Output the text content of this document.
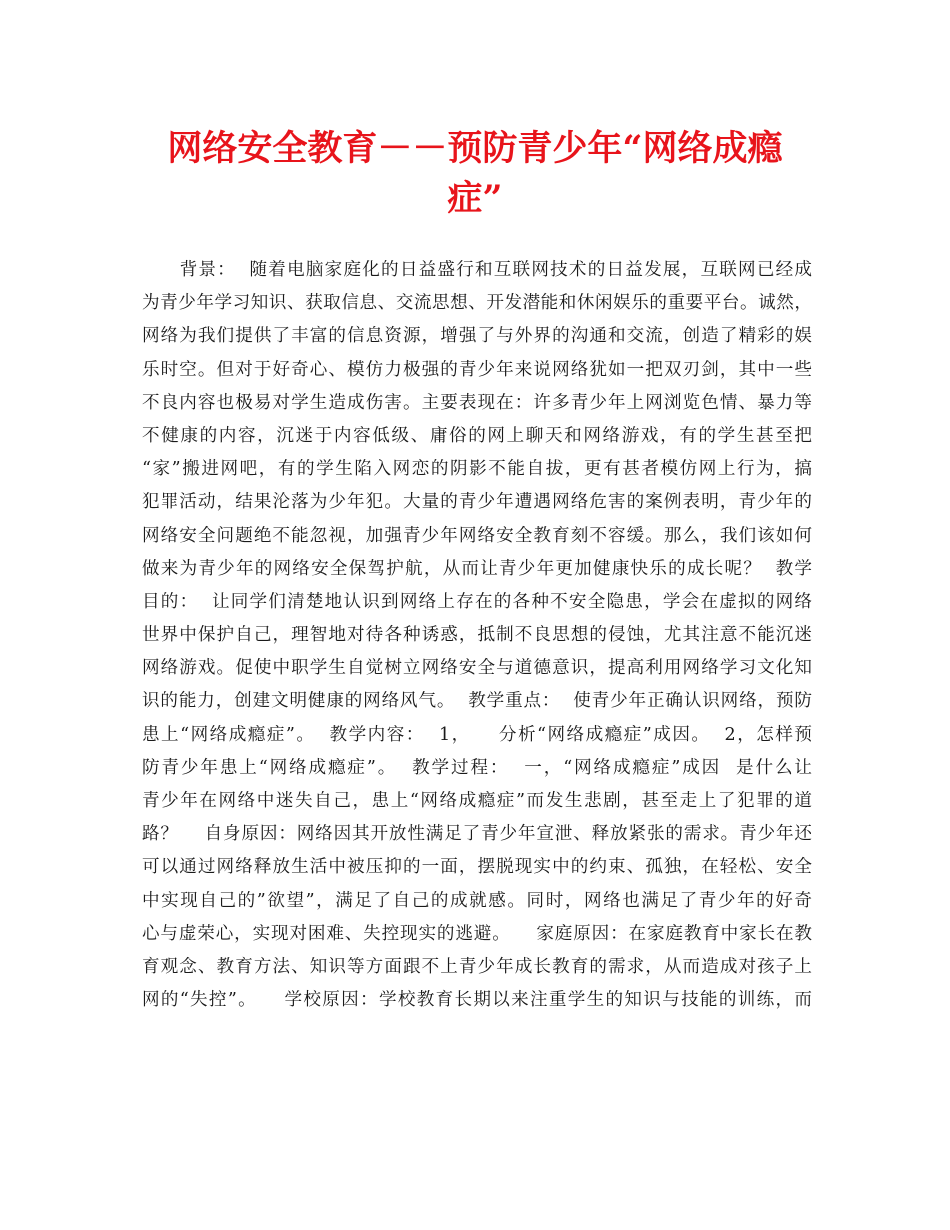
网络安全教育－－预防青少年“网络成瘾
症”
　　背景：  随着电脑家庭化的日益盛行和互联网技术的日益发展，互联网已经成
为青少年学习知识、获取信息、交流思想、开发潜能和休闲娱乐的重要平台。诚然，
网络为我们提供了丰富的信息资源，增强了与外界的沟通和交流，创造了精彩的娱
乐时空。但对于好奇心、模仿力极强的青少年来说网络犹如一把双刃剑，其中一些
不良内容也极易对学生造成伤害。主要表现在：许多青少年上网浏览色情、暴力等
不健康的内容，沉迷于内容低级、庸俗的网上聊天和网络游戏，有的学生甚至把
“家”搬进网吧，有的学生陷入网恋的阴影不能自拔，更有甚者模仿网上行为，搞
犯罪活动，结果沦落为少年犯。大量的青少年遭遇网络危害的案例表明，青少年的
网络安全问题绝不能忽视，加强青少年网络安全教育刻不容缓。那么，我们该如何
做来为青少年的网络安全保驾护航，从而让青少年更加健康快乐的成长呢？  教学
目的：  让同学们清楚地认识到网络上存在的各种不安全隐患，学会在虚拟的网络
世界中保护自己，理智地对待各种诱惑，抵制不良思想的侵蚀，尤其注意不能沉迷
网络游戏。促使中职学生自觉树立网络安全与道德意识，提高利用网络学习文化知
识的能力，创建文明健康的网络风气。  教学重点：  使青少年正确认识网络，预防
患上“网络成瘾症”。  教学内容：  1，    分析“网络成瘾症”成因。  2，怎样预
防青少年患上“网络成瘾症”。  教学过程：  一，“网络成瘾症”成因  是什么让
青少年在网络中迷失自己，患上“网络成瘾症”而发生悲剧，甚至走上了犯罪的道
路？    自身原因：网络因其开放性满足了青少年宣泄、释放紧张的需求。青少年还
可以通过网络释放生活中被压抑的一面，摆脱现实中的约束、孤独，在轻松、安全
中实现自己的”欲望”，满足了自己的成就感。同时，网络也满足了青少年的好奇
心与虚荣心，实现对困难、失控现实的逃避。    家庭原因：在家庭教育中家长在教
育观念、教育方法、知识等方面跟不上青少年成长教育的需求，从而造成对孩子上
网的“失控”。    学校原因：学校教育长期以来注重学生的知识与技能的训练，而
